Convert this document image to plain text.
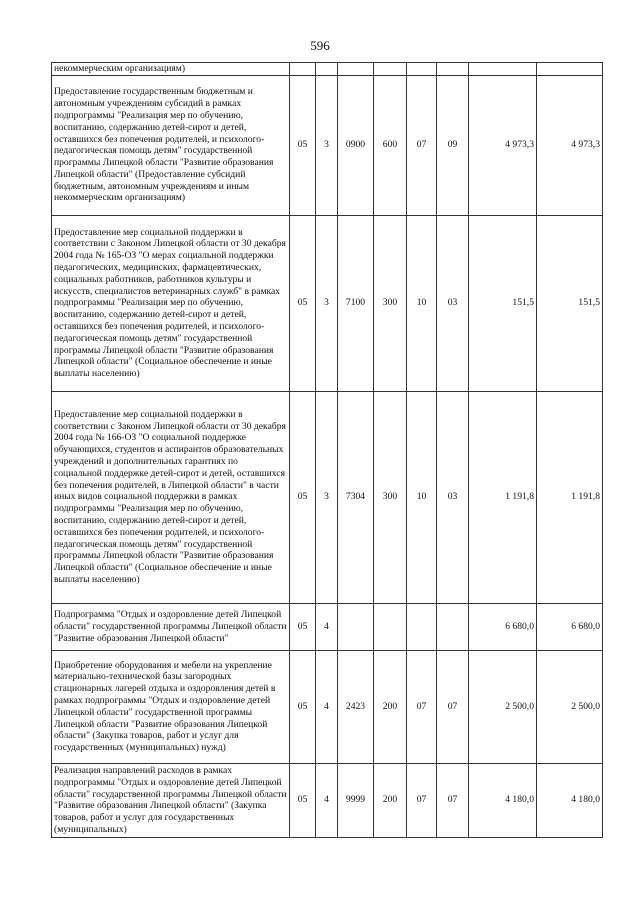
596
некоммерческим организациям)								
Предоставление государственным бюджетным и автономным учреждениям субсидий в рамках подпрограммы "Реализация мер по обучению, воспитанию, содержанию детей-сирот и детей, оставшихся без попечения родителей, и психолого-педагогическая помощь детям" государственной программы Липецкой области "Развитие образования Липецкой области" (Предоставление субсидий бюджетным, автономным учреждениям и иным некоммерческим организациям)	05	3	0900	600	07	09	4 973,3	4 973,3
Предоставление мер социальной поддержки в соответствии с Законом Липецкой области от 30 декабря 2004 года № 165-ОЗ "О мерах социальной поддержки педагогических, медицинских, фармацевтических, социальных работников, работников культуры и искусств, специалистов ветеринарных служб" в рамках подпрограммы "Реализация мер по обучению, воспитанию, содержанию детей-сирот и детей, оставшихся без попечения родителей, и психолого-педагогическая помощь детям" государственной программы Липецкой области "Развитие образования Липецкой области" (Социальное обеспечение и иные выплаты населению)	05	3	7100	300	10	03	151,5	151,5
Предоставление мер социальной поддержки в соответствии с Законом Липецкой области от 30 декабря 2004 года № 166-ОЗ "О социальной поддержке обучающихся, студентов и аспирантов образовательных учреждений и дополнительных гарантиях по социальной поддержке детей-сирот и детей, оставшихся без попечения родителей, в Липецкой области" в части иных видов социальной поддержки в рамках подпрограммы "Реализация мер по обучению, воспитанию, содержанию детей-сирот и детей, оставшихся без попечения родителей, и психолого-педагогическая помощь детям" государственной программы Липецкой области "Развитие образования Липецкой области" (Социальное обеспечение и иные выплаты населению)	05	3	7304	300	10	03	1 191,8	1 191,8
Подпрограмма "Отдых и оздоровление детей Липецкой области" государственной программы Липецкой области "Развитие образования Липецкой области"	05	4					6 680,0	6 680,0
Приобретение оборудования и мебели на укрепление материально-технической базы загородных стационарных лагерей отдыха и оздоровления детей в рамках подпрограммы "Отдых и оздоровление детей Липецкой области" государственной программы Липецкой области "Развитие образования Липецкой области" (Закупка товаров, работ и услуг для государственных (муниципальных) нужд)	05	4	2423	200	07	07	2 500,0	2 500,0
Реализация направлений расходов в рамках подпрограммы "Отдых и оздоровление детей Липецкой области" государственной программы Липецкой области "Развитие образования Липецкой области" (Закупка товаров, работ и услуг для государственных (муниципальных)	05	4	9999	200	07	07	4 180,0	4 180,0
